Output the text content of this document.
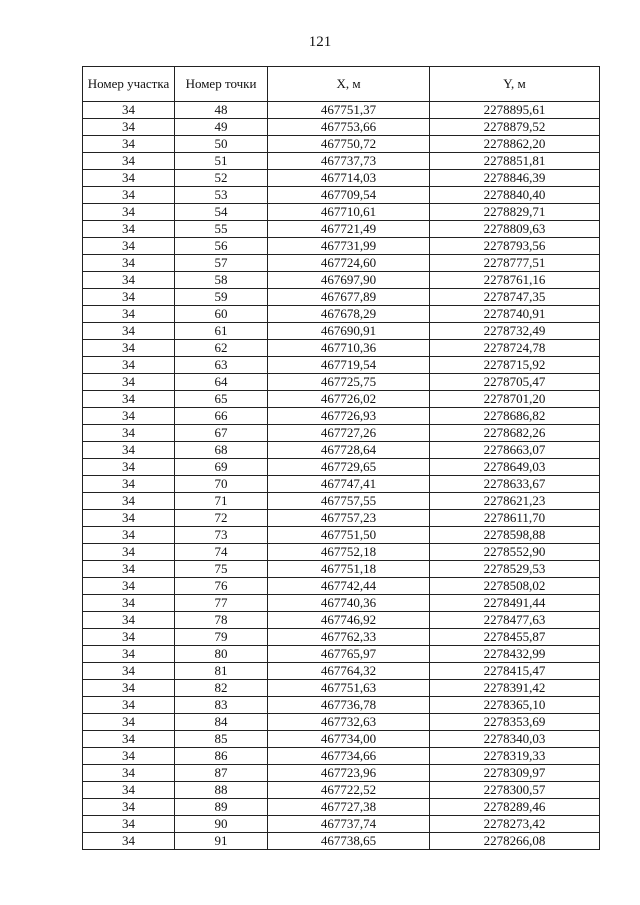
121
Номер участка	Номер точки	X, м	Y, м
34	48	467751,37	2278895,61
34	49	467753,66	2278879,52
34	50	467750,72	2278862,20
34	51	467737,73	2278851,81
34	52	467714,03	2278846,39
34	53	467709,54	2278840,40
34	54	467710,61	2278829,71
34	55	467721,49	2278809,63
34	56	467731,99	2278793,56
34	57	467724,60	2278777,51
34	58	467697,90	2278761,16
34	59	467677,89	2278747,35
34	60	467678,29	2278740,91
34	61	467690,91	2278732,49
34	62	467710,36	2278724,78
34	63	467719,54	2278715,92
34	64	467725,75	2278705,47
34	65	467726,02	2278701,20
34	66	467726,93	2278686,82
34	67	467727,26	2278682,26
34	68	467728,64	2278663,07
34	69	467729,65	2278649,03
34	70	467747,41	2278633,67
34	71	467757,55	2278621,23
34	72	467757,23	2278611,70
34	73	467751,50	2278598,88
34	74	467752,18	2278552,90
34	75	467751,18	2278529,53
34	76	467742,44	2278508,02
34	77	467740,36	2278491,44
34	78	467746,92	2278477,63
34	79	467762,33	2278455,87
34	80	467765,97	2278432,99
34	81	467764,32	2278415,47
34	82	467751,63	2278391,42
34	83	467736,78	2278365,10
34	84	467732,63	2278353,69
34	85	467734,00	2278340,03
34	86	467734,66	2278319,33
34	87	467723,96	2278309,97
34	88	467722,52	2278300,57
34	89	467727,38	2278289,46
34	90	467737,74	2278273,42
34	91	467738,65	2278266,08
